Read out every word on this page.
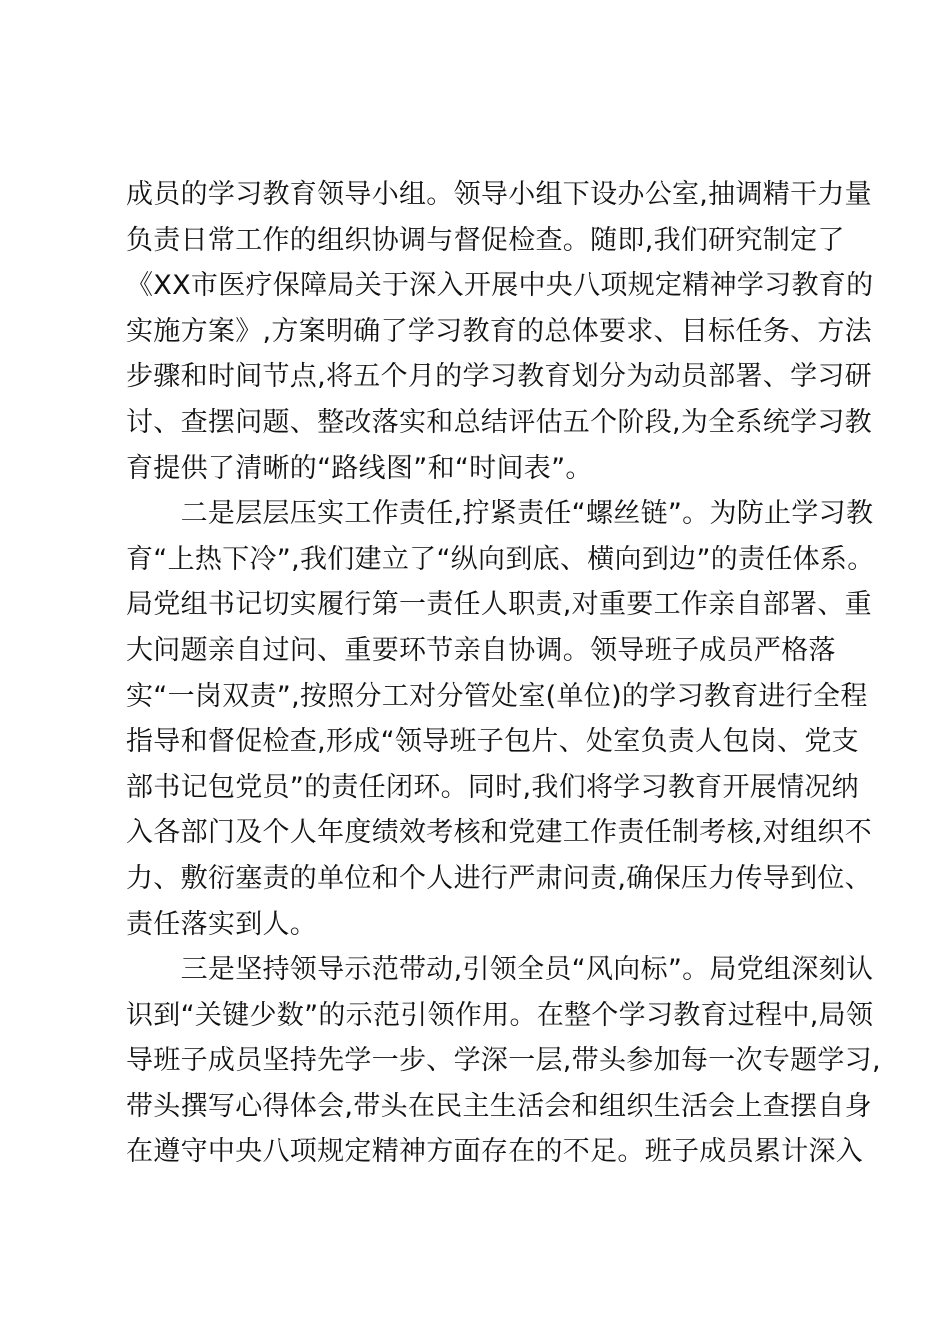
成员的学习教育领导小组。领导小组下设办公室,抽调精干力量
负责日常工作的组织协调与督促检查。随即,我们研究制定了
《XX市医疗保障局关于深入开展中央八项规定精神学习教育的
实施方案》,方案明确了学习教育的总体要求、目标任务、方法
步骤和时间节点,将五个月的学习教育划分为动员部署、学习研
讨、查摆问题、整改落实和总结评估五个阶段,为全系统学习教
育提供了清晰的“路线图”和“时间表”。
　　二是层层压实工作责任,拧紧责任“螺丝链”。为防止学习教
育“上热下冷”,我们建立了“纵向到底、横向到边”的责任体系。
局党组书记切实履行第一责任人职责,对重要工作亲自部署、重
大问题亲自过问、重要环节亲自协调。领导班子成员严格落
实“一岗双责”,按照分工对分管处室(单位)的学习教育进行全程
指导和督促检查,形成“领导班子包片、处室负责人包岗、党支
部书记包党员”的责任闭环。同时,我们将学习教育开展情况纳
入各部门及个人年度绩效考核和党建工作责任制考核,对组织不
力、敷衍塞责的单位和个人进行严肃问责,确保压力传导到位、
责任落实到人。
　　三是坚持领导示范带动,引领全员“风向标”。局党组深刻认
识到“关键少数”的示范引领作用。在整个学习教育过程中,局领
导班子成员坚持先学一步、学深一层,带头参加每一次专题学习,
带头撰写心得体会,带头在民主生活会和组织生活会上查摆自身
在遵守中央八项规定精神方面存在的不足。班子成员累计深入
